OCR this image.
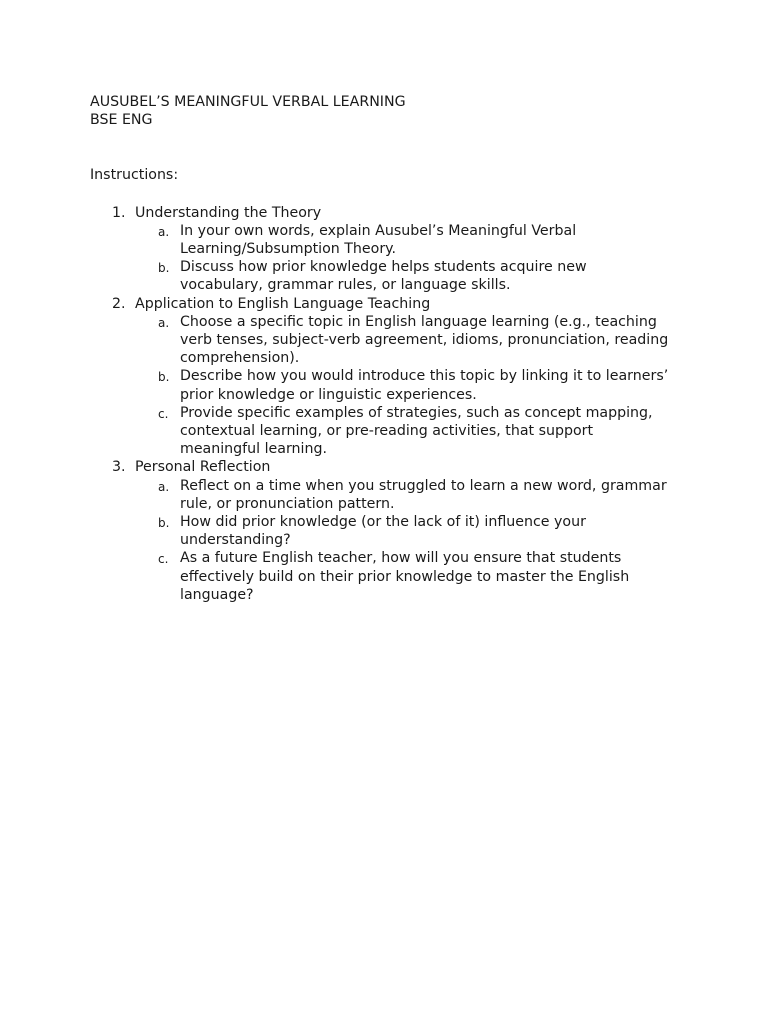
AUSUBEL’S MEANINGFUL VERBAL LEARNING
BSE ENG
Instructions:
1. Understanding the Theory
a. In your own words, explain Ausubel’s Meaningful Verbal Learning/Subsumption Theory.
b. Discuss how prior knowledge helps students acquire new vocabulary, grammar rules, or language skills.
2. Application to English Language Teaching
a. Choose a specific topic in English language learning (e.g., teaching verb tenses, subject-verb agreement, idioms, pronunciation, reading comprehension).
b. Describe how you would introduce this topic by linking it to learners’ prior knowledge or linguistic experiences.
c. Provide specific examples of strategies, such as concept mapping, contextual learning, or pre-reading activities, that support meaningful learning.
3. Personal Reflection
a. Reflect on a time when you struggled to learn a new word, grammar rule, or pronunciation pattern.
b. How did prior knowledge (or the lack of it) influence your understanding?
c. As a future English teacher, how will you ensure that students effectively build on their prior knowledge to master the English language?
